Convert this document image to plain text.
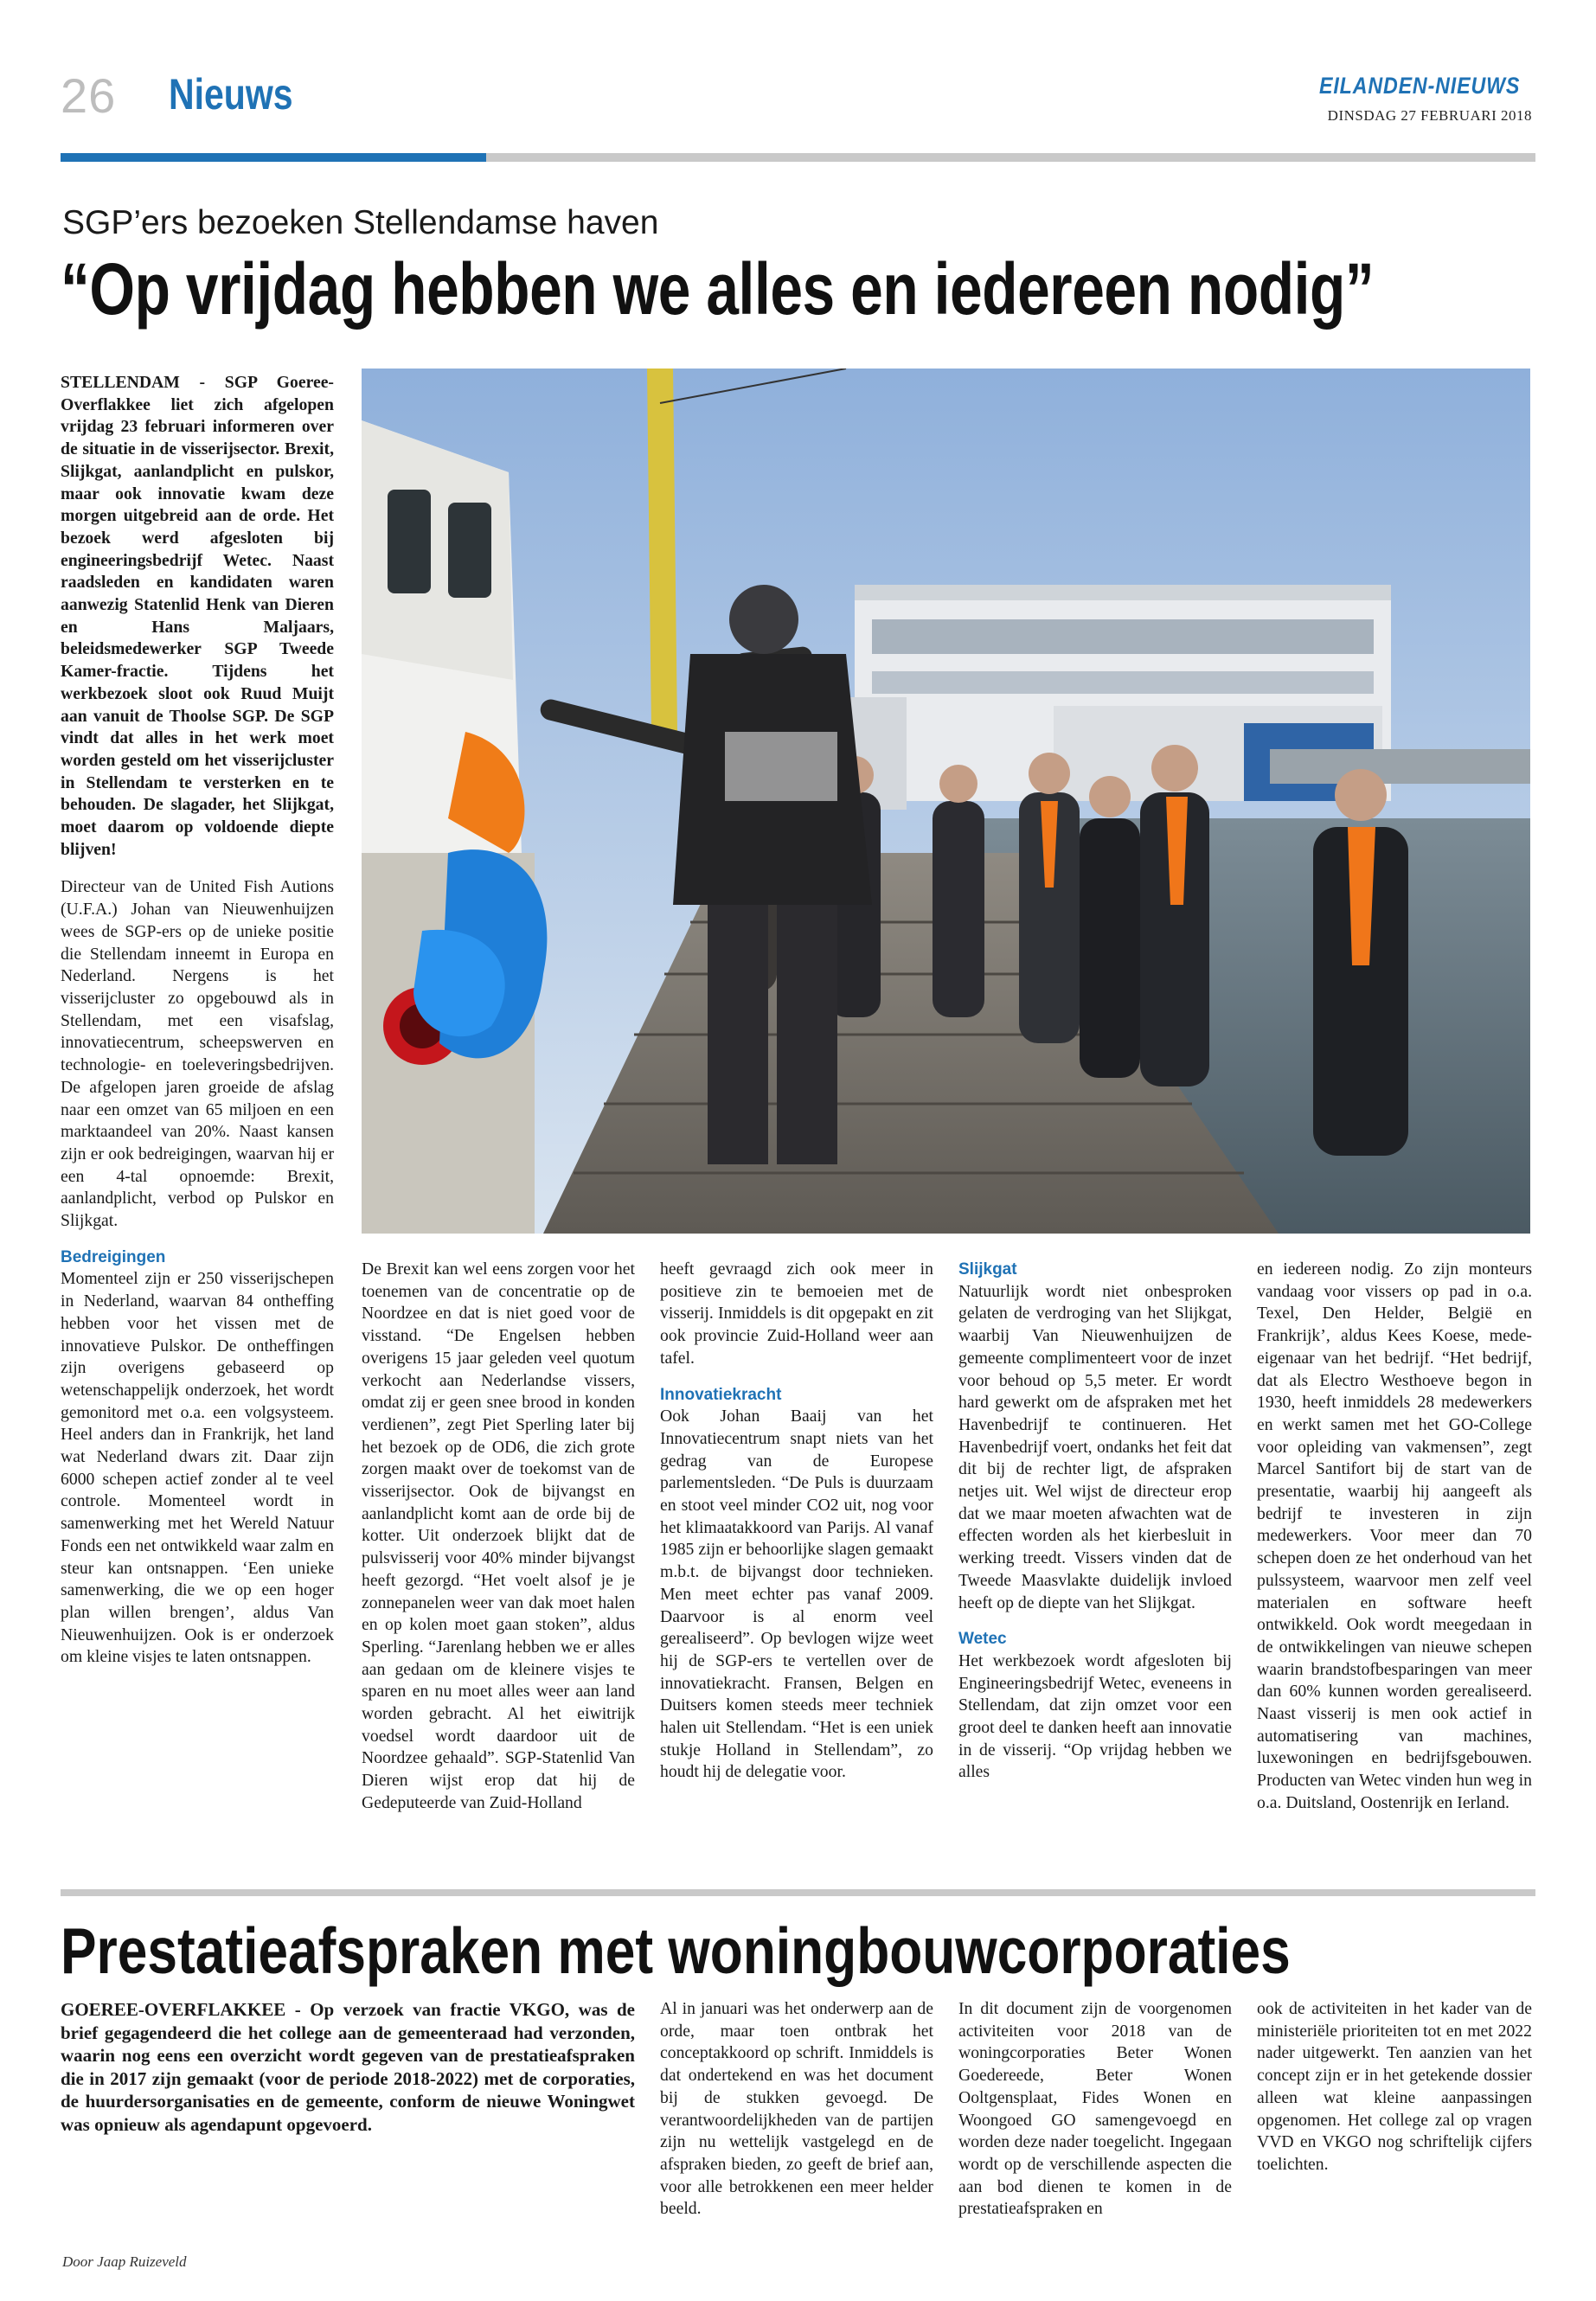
26 Nieuws	EILANDEN-NIEUWS
DINSDAG 27 FEBRUARI 2018
SGP’ers bezoeken Stellendamse haven
“Op vrijdag hebben we alles en iedereen nodig”

STELLENDAM - SGP Goeree-Overflakkee liet zich afgelopen vrijdag 23 februari informeren over de situatie in de visserijsector. Brexit, Slijkgat, aanlandplicht en pulskor, maar ook innovatie kwam deze morgen uitgebreid aan de orde. Het bezoek werd afgesloten bij engineeringsbedrijf Wetec. Naast raadsleden en kandidaten waren aanwezig Statenlid Henk van Dieren en Hans Maljaars, beleidsmedewerker SGP Tweede Kamer-fractie. Tijdens het werkbezoek sloot ook Ruud Muijt aan vanuit de Thoolse SGP. De SGP vindt dat alles in het werk moet worden gesteld om het visserijcluster in Stellendam te versterken en te behouden. De slagader, het Slijkgat, moet daarom op voldoende diepte blijven!

Directeur van de United Fish Autions (U.F.A.) Johan van Nieuwenhuijzen wees de SGP-ers op de unieke positie die Stellendam inneemt in Europa en Nederland. Nergens is het visserijcluster zo opgebouwd als in Stellendam, met een visafslag, innovatiecentrum, scheepswerven en technologie- en toeleveringsbedrijven. De afgelopen jaren groeide de afslag naar een omzet van 65 miljoen en een marktaandeel van 20%. Naast kansen zijn er ook bedreigingen, waarvan hij er een 4-tal opnoemde: Brexit, aanlandplicht, verbod op Pulskor en Slijkgat.

Bedreigingen

Momenteel zijn er 250 visserijschepen in Nederland, waarvan 84 ontheffing hebben voor het vissen met de innovatieve Pulskor. De ontheffingen zijn overigens gebaseerd op wetenschappelijk onderzoek, het wordt gemonitord met o.a. een volgsysteem. Heel anders dan in Frankrijk, het land wat Nederland dwars zit. Daar zijn 6000 schepen actief zonder al te veel controle. Momenteel wordt in samenwerking met het Wereld Natuur Fonds een net ontwikkeld waar zalm en steur kan ontsnappen. ‘Een unieke samenwerking, die we op een hoger plan willen brengen’, aldus Van Nieuwenhuijzen. Ook is er onderzoek om kleine visjes te laten ontsnappen.

De Brexit kan wel eens zorgen voor het toenemen van de concentratie op de Noordzee en dat is niet goed voor de visstand. “De Engelsen hebben overigens 15 jaar geleden veel quotum verkocht aan Nederlandse vissers, omdat zij er geen snee brood in konden verdienen”, zegt Piet Sperling later bij het bezoek op de OD6, die zich grote zorgen maakt over de toekomst van de visserijsector. Ook de bijvangst en aanlandplicht komt aan de orde bij de kotter. Uit onderzoek blijkt dat de pulsvisserij voor 40% minder bijvangst heeft gezorgd. “Het voelt alsof je je zonnepanelen weer van dak moet halen en op kolen moet gaan stoken”, aldus Sperling. “Jarenlang hebben we er alles aan gedaan om de kleinere visjes te sparen en nu moet alles weer aan land worden gebracht. Al het eiwitrijk voedsel wordt daardoor uit de Noordzee gehaald”. SGP-Statenlid Van Dieren wijst erop dat hij de Gedeputeerde van Zuid-Holland

heeft gevraagd zich ook meer in positieve zin te bemoeien met de visserij. Inmiddels is dit opgepakt en zit ook provincie Zuid-Holland weer aan tafel.

Innovatiekracht

Ook Johan Baaij van het Innovatiecentrum snapt niets van het gedrag van de Europese parlementsleden. “De Puls is duurzaam en stoot veel minder CO2 uit, nog voor het klimaatakkoord van Parijs. Al vanaf 1985 zijn er behoorlijke slagen gemaakt m.b.t. de bijvangst door technieken. Men meet echter pas vanaf 2009. Daarvoor is al enorm veel gerealiseerd”. Op bevlogen wijze weet hij de SGP-ers te vertellen over de innovatiekracht. Fransen, Belgen en Duitsers komen steeds meer techniek halen uit Stellendam. “Het is een uniek stukje Holland in Stellendam”, zo houdt hij de delegatie voor.

Slijkgat

Natuurlijk wordt niet onbesproken gelaten de verdroging van het Slijkgat, waarbij Van Nieuwenhuijzen de gemeente complimenteert voor de inzet voor behoud op 5,5 meter. Er wordt hard gewerkt om de afspraken met het Havenbedrijf te continueren. Het Havenbedrijf voert, ondanks het feit dat dit bij de rechter ligt, de afspraken netjes uit. Wel wijst de directeur erop dat we maar moeten afwachten wat de effecten worden als het kierbesluit in werking treedt. Vissers vinden dat de Tweede Maasvlakte duidelijk invloed heeft op de diepte van het Slijkgat.

Wetec

Het werkbezoek wordt afgesloten bij Engineeringsbedrijf Wetec, eveneens in Stellendam, dat zijn omzet voor een groot deel te danken heeft aan innovatie in de visserij. “Op vrijdag hebben we alles

en iedereen nodig. Zo zijn monteurs vandaag voor vissers op pad in o.a. Texel, Den Helder, België en Frankrijk’, aldus Kees Koese, mede-eigenaar van het bedrijf. “Het bedrijf, dat als Electro Westhoeve begon in 1930, heeft inmiddels 28 medewerkers en werkt samen met het GO-College voor opleiding van vakmensen”, zegt Marcel Santifort bij de start van de presentatie, waarbij hij aangeeft als bedrijf te investeren in zijn medewerkers. Voor meer dan 70 schepen doen ze het onderhoud van het pulssysteem, waarvoor men zelf veel materialen en software heeft ontwikkeld. Ook wordt meegedaan in de ontwikkelingen van nieuwe schepen waarin brandstofbesparingen van meer dan 60% kunnen worden gerealiseerd. Naast visserij is men ook actief in automatisering van machines, luxewoningen en bedrijfsgebouwen. Producten van Wetec vinden hun weg in o.a. Duitsland, Oostenrijk en Ierland.

Prestatieafspraken met woningbouwcorporaties

GOEREE-OVERFLAKKEE - Op verzoek van fractie VKGO, was de brief gegagendeerd die het college aan de gemeenteraad had verzonden, waarin nog eens een overzicht wordt gegeven van de prestatieafspraken die in 2017 zijn gemaakt (voor de periode 2018-2022) met de corporaties, de huurdersorganisaties en de gemeente, conform de nieuwe Woningwet was opnieuw als agendapunt opgevoerd.

Door Jaap Ruizeveld

Al in januari was het onderwerp aan de orde, maar toen ontbrak het conceptakkoord op schrift. Inmiddels is dat ondertekend en was het document bij de stukken gevoegd. De verantwoordelijkheden van de partijen zijn nu wettelijk vastgelegd en de afspraken bieden, zo geeft de brief aan, voor alle betrokkenen een meer helder beeld.

In dit document zijn de voorgenomen activiteiten voor 2018 van de woningcorporaties Beter Wonen Goedereede, Beter Wonen Ooltgensplaat, Fides Wonen en Woongoed GO samengevoegd en worden deze nader toegelicht. Ingegaan wordt op de verschillende aspecten die aan bod dienen te komen in de prestatieafspraken en

ook de activiteiten in het kader van de ministeriële prioriteiten tot en met 2022 nader uitgewerkt. Ten aanzien van het concept zijn er in het getekende dossier alleen wat kleine aanpassingen opgenomen. Het college zal op vragen VVD en VKGO nog schriftelijk cijfers toelichten.
